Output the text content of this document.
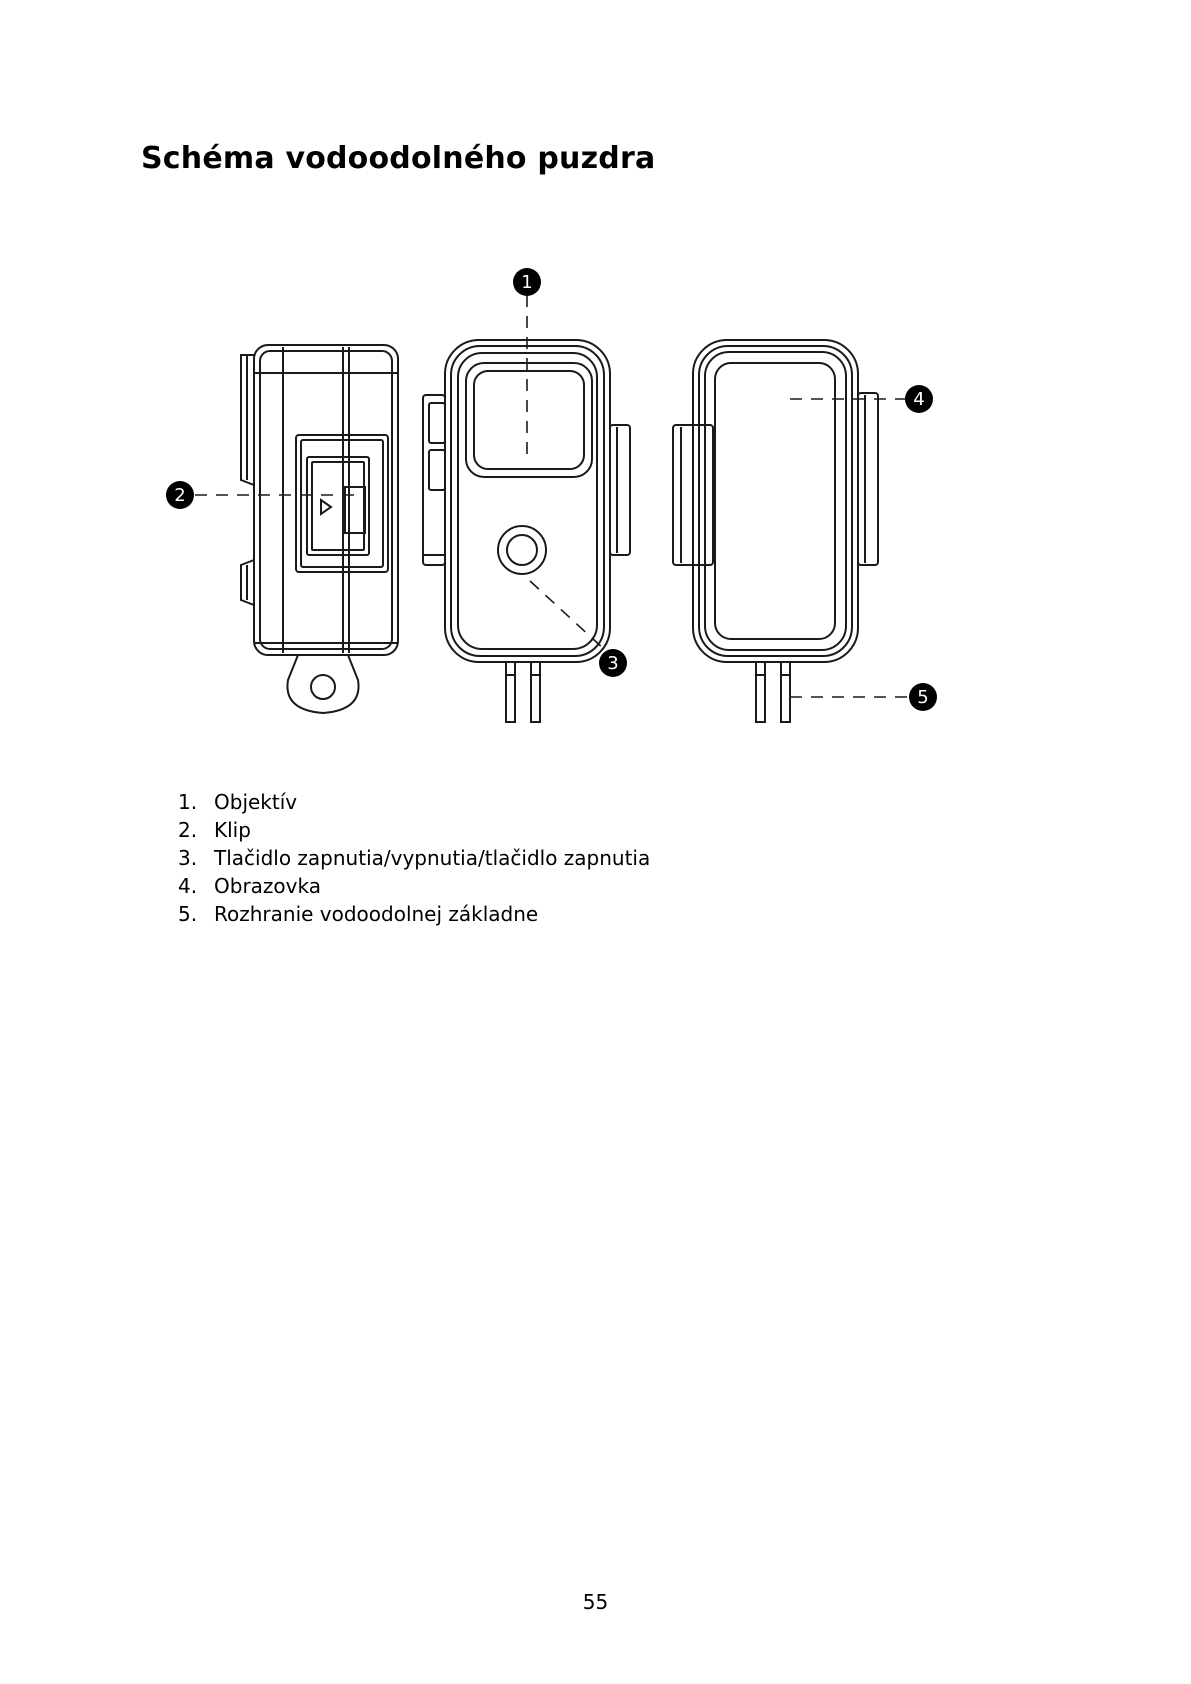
Schéma vodoodolného puzdra
1
2
3
4
5
1. Objektív
2. Klip
3. Tlačidlo zapnutia/vypnutia/tlačidlo zapnutia
4. Obrazovka
5. Rozhranie vodoodolnej základne
55
